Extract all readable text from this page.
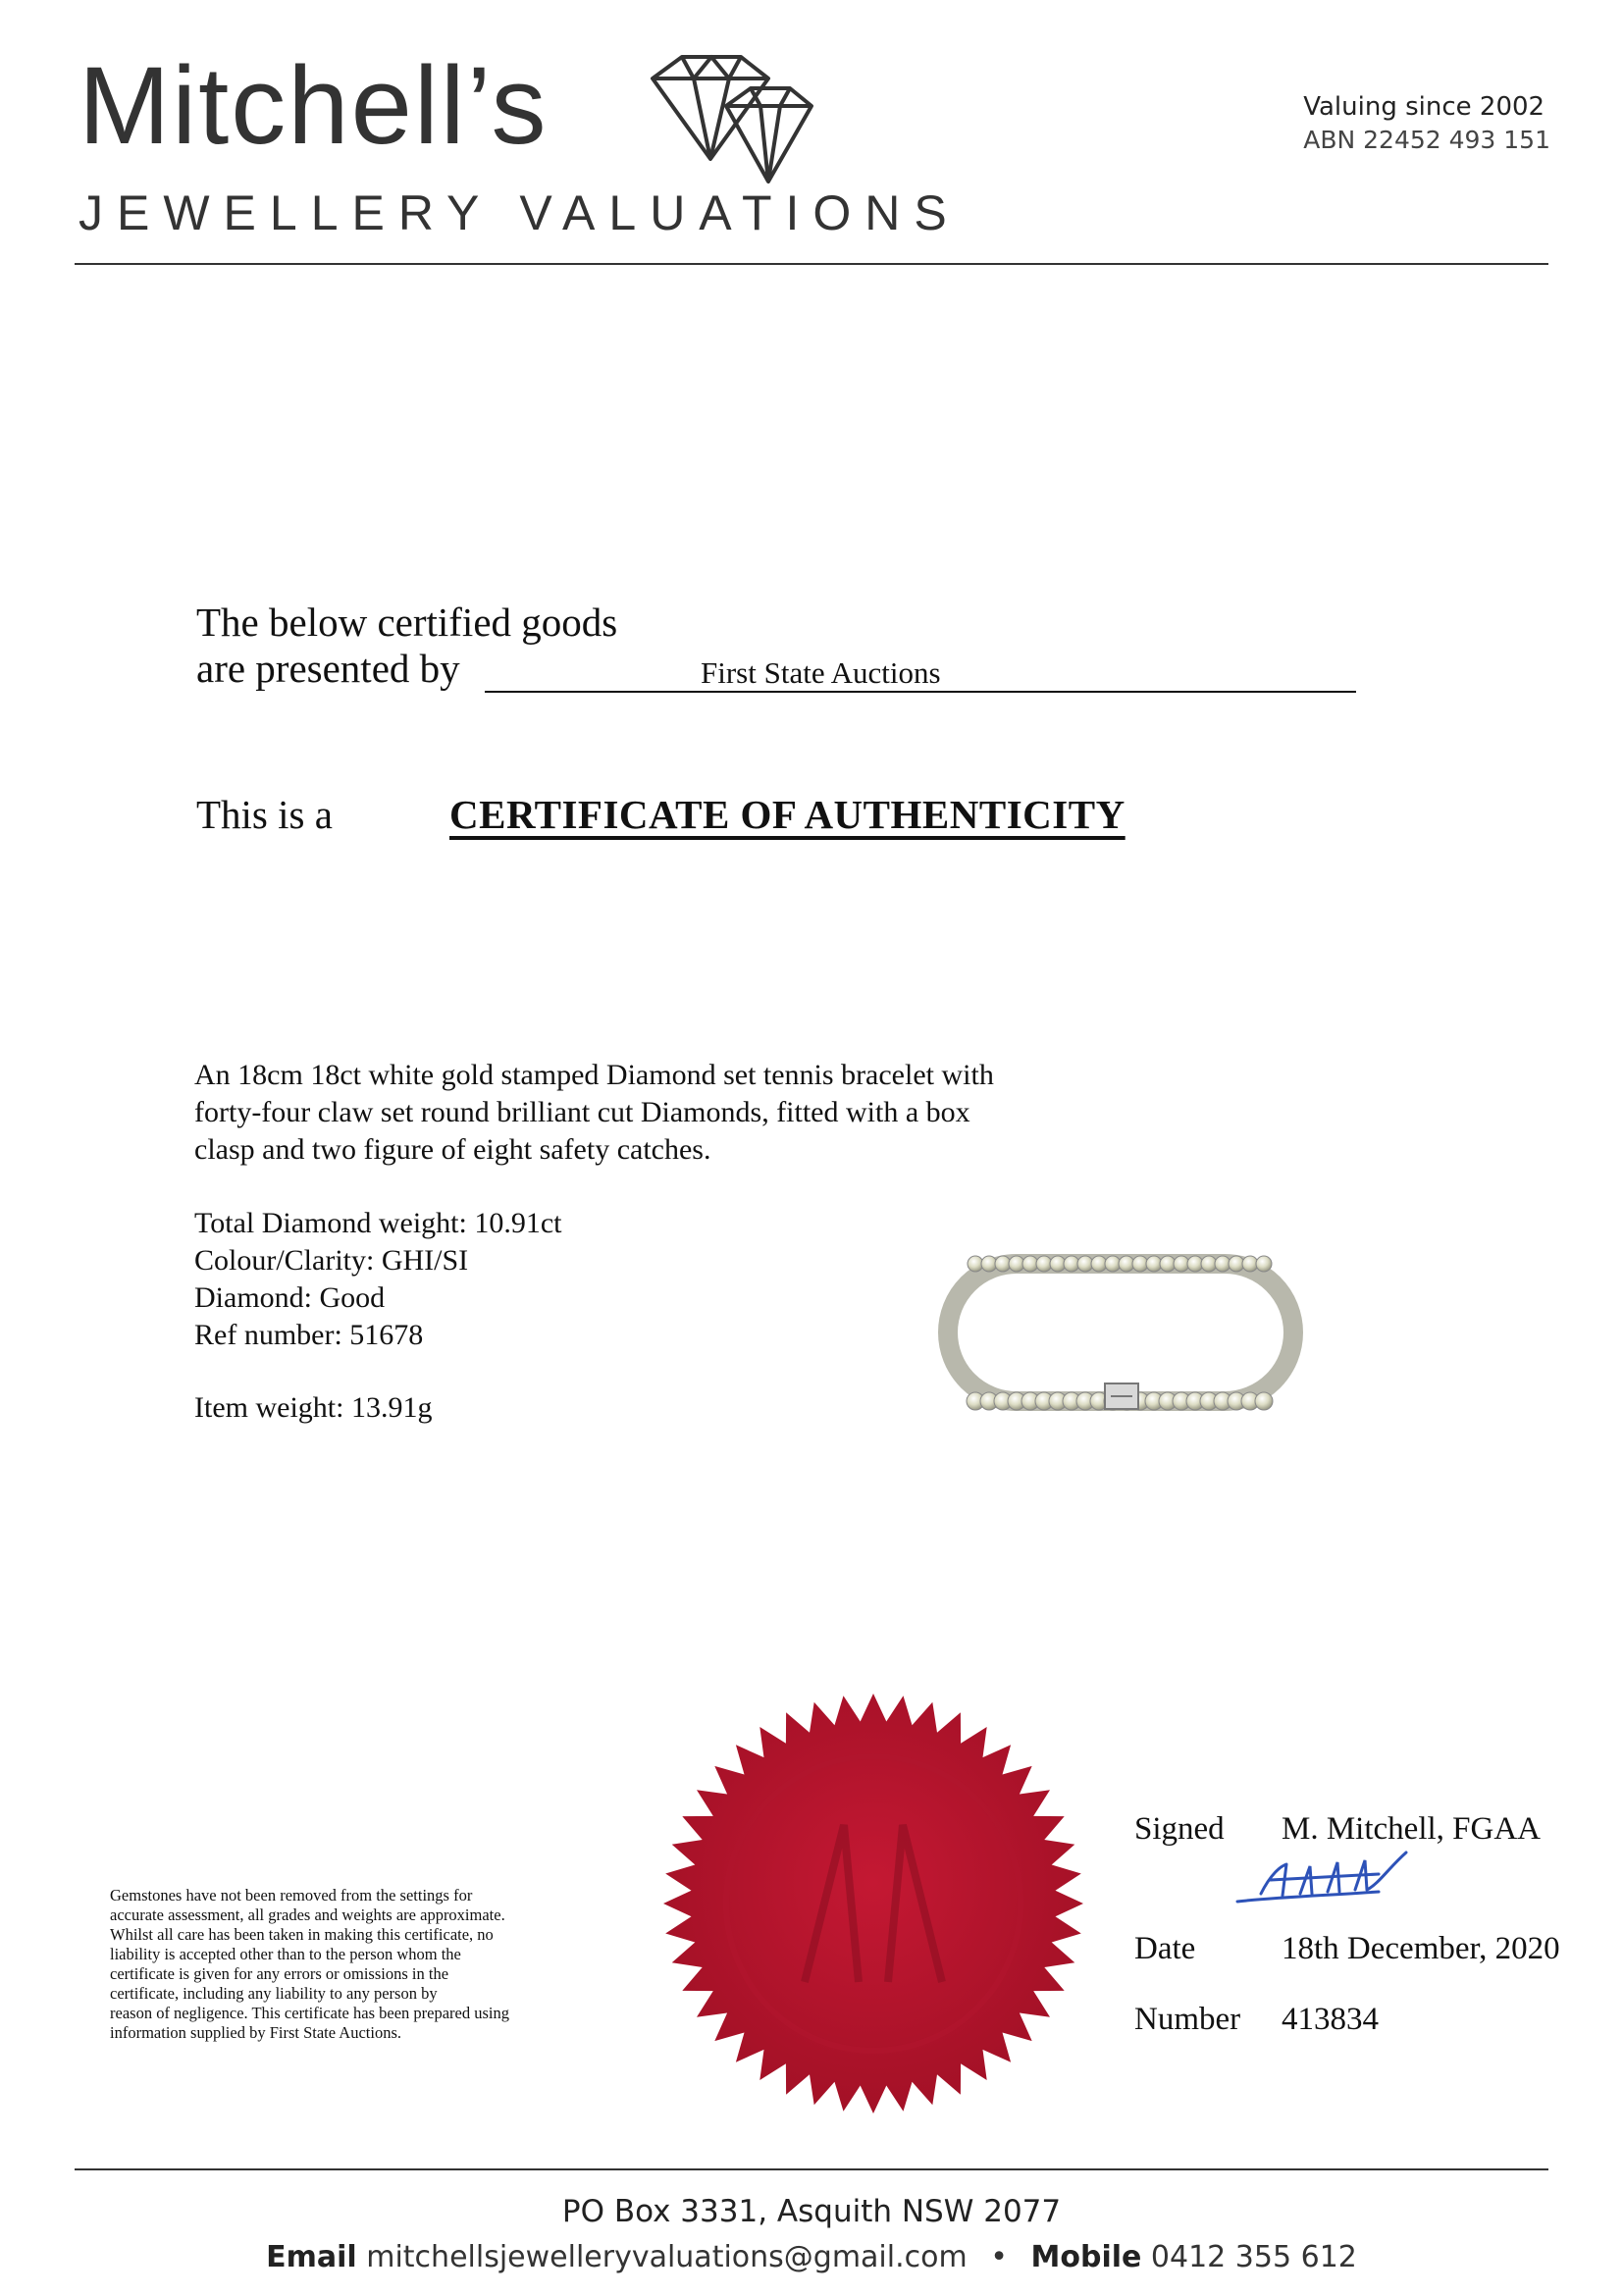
Mitchell’s
JEWELLERY VALUATIONS
Valuing since 2002
ABN 22452 493 151
The below certified goods
are presented by	First State Auctions
This is a	CERTIFICATE OF AUTHENTICITY

An 18cm 18ct white gold stamped Diamond set tennis bracelet with

forty-four claw set round brilliant cut Diamonds, fitted with a box

clasp and two figure of eight safety catches.

Total Diamond weight: 10.91ct
Colour/Clarity: GHI/SI
Diamond: Good
Ref number: 51678
Item weight: 13.91g

Gemstones have not been removed from the settings for

accurate assessment, all grades and weights are approximate.

Whilst all care has been taken in making this certificate, no

liability is accepted other than to the person whom the

certificate is given for any errors or omissions in the

certificate, including any liability to any person by

reason of negligence. This certificate has been prepared using

information supplied by First State Auctions.

Signed M. Mitchell, FGAA
Date	18th December, 2020
Number 413834
PO Box 3331, Asquith NSW 2077
Email mitchellsjewelleryvaluations@gmail.com • Mobile 0412 355 612
